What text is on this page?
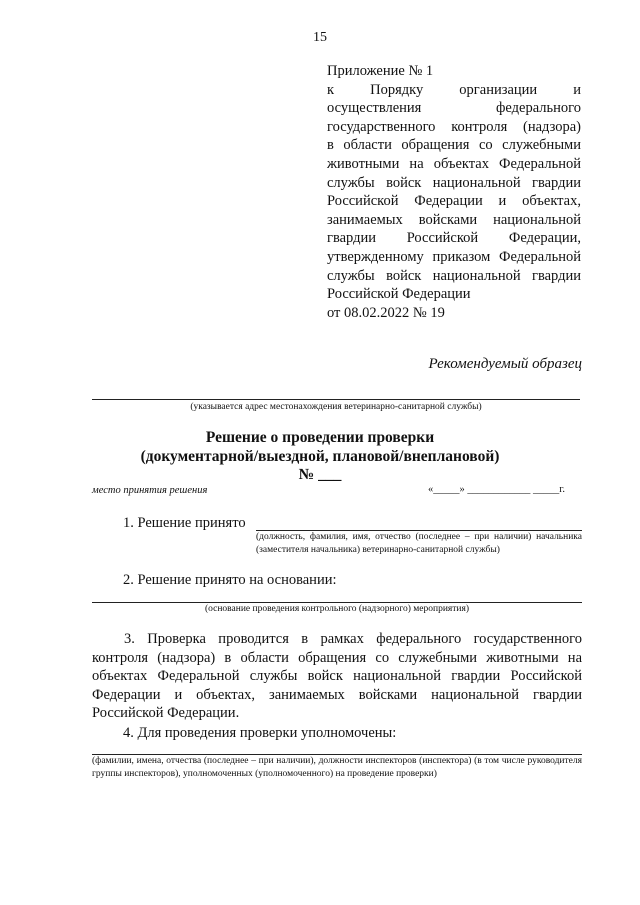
15
Приложение № 1
к Порядку организации и
осуществления федерального
государственного контроля (надзора)
в области обращения со служебными
животными на объектах Федеральной
службы войск национальной гвардии
Российской Федерации и объектах,
занимаемых войсками национальной
гвардии Российской Федерации,
утвержденному приказом Федеральной
службы войск национальной гвардии
Российской Федерации
от 08.02.2022 № 19
Рекомендуемый образец
(указывается адрес местонахождения ветеринарно-санитарной службы)
Решение о проведении проверки
(документарной/выездной, плановой/внеплановой)
№ ___
место принятия решения	«_____» ____________ _____г.
1. Решение принято
(должность, фамилия, имя, отчество (последнее – при наличии) начальника (заместителя начальника) ветеринарно-санитарной службы)
2. Решение принято на основании:
(основание проведения контрольного (надзорного) мероприятия)
3. Проверка проводится в рамках федерального государственного контроля (надзора) в области обращения со служебными животными на объектах Федеральной службы войск национальной гвардии Российской Федерации и объектах, занимаемых войсками национальной гвардии Российской Федерации.
4. Для проведения проверки уполномочены:
(фамилии, имена, отчества (последнее – при наличии), должности инспекторов (инспектора) (в том числе руководителя группы инспекторов), уполномоченных (уполномоченного) на проведение проверки)
